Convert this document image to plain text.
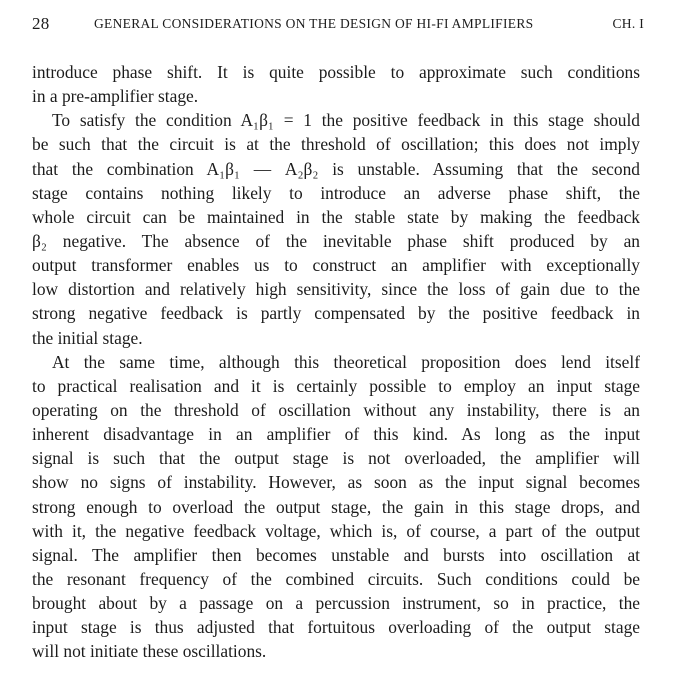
28	GENERAL CONSIDERATIONS ON THE DESIGN OF HI-FI AMPLIFIERS	CH. I
introduce phase shift. It is quite possible to approximate such conditions
in a pre-amplifier stage.
To satisfy the condition A₁β₁ = 1 the positive feedback in this stage should
be such that the circuit is at the threshold of oscillation; this does not imply
that the combination A₁β₁ — A₂β₂ is unstable. Assuming that the second
stage contains nothing likely to introduce an adverse phase shift, the
whole circuit can be maintained in the stable state by making the feedback
β₂ negative. The absence of the inevitable phase shift produced by an
output transformer enables us to construct an amplifier with exceptionally
low distortion and relatively high sensitivity, since the loss of gain due to the
strong negative feedback is partly compensated by the positive feedback in
the initial stage.
At the same time, although this theoretical proposition does lend itself
to practical realisation and it is certainly possible to employ an input stage
operating on the threshold of oscillation without any instability, there is an
inherent disadvantage in an amplifier of this kind. As long as the input
signal is such that the output stage is not overloaded, the amplifier will
show no signs of instability. However, as soon as the input signal becomes
strong enough to overload the output stage, the gain in this stage drops, and
with it, the negative feedback voltage, which is, of course, a part of the output
signal. The amplifier then becomes unstable and bursts into oscillation at
the resonant frequency of the combined circuits. Such conditions could be
brought about by a passage on a percussion instrument, so in practice, the
input stage is thus adjusted that fortuitous overloading of the output stage
will not initiate these oscillations.
